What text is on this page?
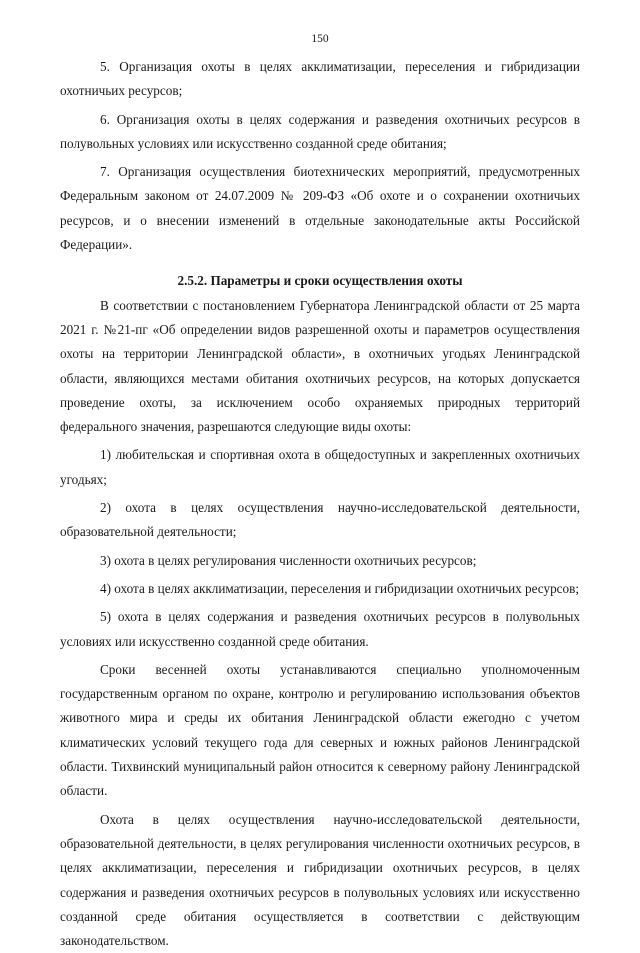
150

5. Организация охоты в целях акклиматизации, переселения и гибридизации охотничьих ресурсов;

6. Организация охоты в целях содержания и разведения охотничьих ресурсов в полувольных условиях или искусственно созданной среде обитания;

7. Организация осуществления биотехнических мероприятий, предусмотренных Федеральным законом от 24.07.2009 № 209-ФЗ «Об охоте и о сохранении охотничьих ресурсов, и о внесении изменений в отдельные законодательные акты Российской Федерации».

2.5.2. Параметры и сроки осуществления охоты

В соответствии с постановлением Губернатора Ленинградской области от 25 марта 2021 г. №21-пг «Об определении видов разрешенной охоты и параметров осуществления охоты на территории Ленинградской области», в охотничьих угодьях Ленинградской области, являющихся местами обитания охотничьих ресурсов, на которых допускается проведение охоты, за исключением особо охраняемых природных территорий федерального значения, разрешаются следующие виды охоты:

1) любительская и спортивная охота в общедоступных и закрепленных охотничьих угодьях;

2) охота в целях осуществления научно-исследовательской деятельности, образовательной деятельности;

3) охота в целях регулирования численности охотничьих ресурсов;

4) охота в целях акклиматизации, переселения и гибридизации охотничьих ресурсов;

5) охота в целях содержания и разведения охотничьих ресурсов в полувольных условиях или искусственно созданной среде обитания.

Сроки весенней охоты устанавливаются специально уполномоченным государственным органом по охране, контролю и регулированию использования объектов животного мира и среды их обитания Ленинградской области ежегодно с учетом климатических условий текущего года для северных и южных районов Ленинградской области. Тихвинский муниципальный район относится к северному району Ленинградской области.

Охота в целях осуществления научно-исследовательской деятельности, образовательной деятельности, в целях регулирования численности охотничьих ресурсов, в целях акклиматизации, переселения и гибридизации охотничьих ресурсов, в целях содержания и разведения охотничьих ресурсов в полувольных условиях или искусственно созданной среде обитания осуществляется в соответствии с действующим законодательством.
